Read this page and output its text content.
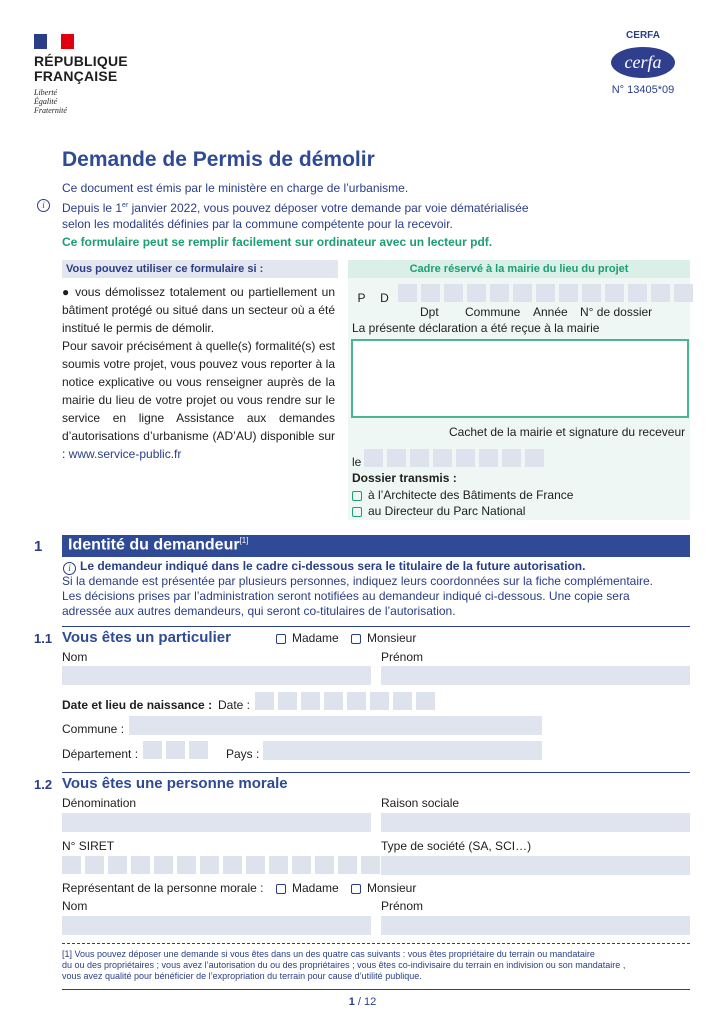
RÉPUBLIQUE
FRANÇAISE
Liberté
Égalité
Fraternité
CERFA
cerfa
N° 13405*09
Demande de Permis de démolir
Ce document est émis par le ministère en charge de l’urbanisme.
i	Depuis le 1er janvier 2022, vous pouvez déposer votre demande par voie dématérialisée
selon les modalités définies par la commune compétente pour la recevoir.
Ce formulaire peut se remplir facilement sur ordinateur avec un lecteur pdf.
Vous pouvez utiliser ce formulaire si :
● vous démolissez totalement ou partiellement un bâtiment protégé ou situé dans un secteur où a été institué le permis de démolir.
Pour savoir précisément à quelle(s) formalité(s) est soumis votre projet, vous pouvez vous reporter à la notice explicative ou vous renseigner auprès de la mairie du lieu de votre projet ou vous rendre sur le service en ligne Assistance aux demandes d’autorisations d’urbanisme (AD’AU) disponible sur : www.service-public.fr
Cadre réservé à la mairie du lieu du projet
P D
Dpt Commune Année N° de dossier
La présente déclaration a été reçue à la mairie
Cachet de la mairie et signature du receveur
le
Dossier transmis :
à l’Architecte des Bâtiments de France
au Directeur du Parc National
1	Identité du demandeur[1]
i Le demandeur indiqué dans le cadre ci-dessous sera le titulaire de la future autorisation.
Si la demande est présentée par plusieurs personnes, indiquez leurs coordonnées sur la fiche complémentaire.
Les décisions prises par l’administration seront notifiées au demandeur indiqué ci-dessous. Une copie sera
adressée aux autres demandeurs, qui seront co-titulaires de l’autorisation.
1.1 Vous êtes un particulier	Madame	Monsieur
Nom	Prénom
Date et lieu de naissance : Date :
Commune :
Département :	Pays :
1.2 Vous êtes une personne morale
Dénomination	Raison sociale
N° SIRET	Type de société (SA, SCI…)
Représentant de la personne morale :	Madame	Monsieur
Nom	Prénom
[1] Vous pouvez déposer une demande si vous êtes dans un des quatre cas suivants : vous êtes propriétaire du terrain ou mandataire
du ou des propriétaires ; vous avez l’autorisation du ou des propriétaires ; vous êtes co-indivisaire du terrain en indivision ou son mandataire ,
vous avez qualité pour bénéficier de l’expropriation du terrain pour cause d’utilité publique.
1 / 12
